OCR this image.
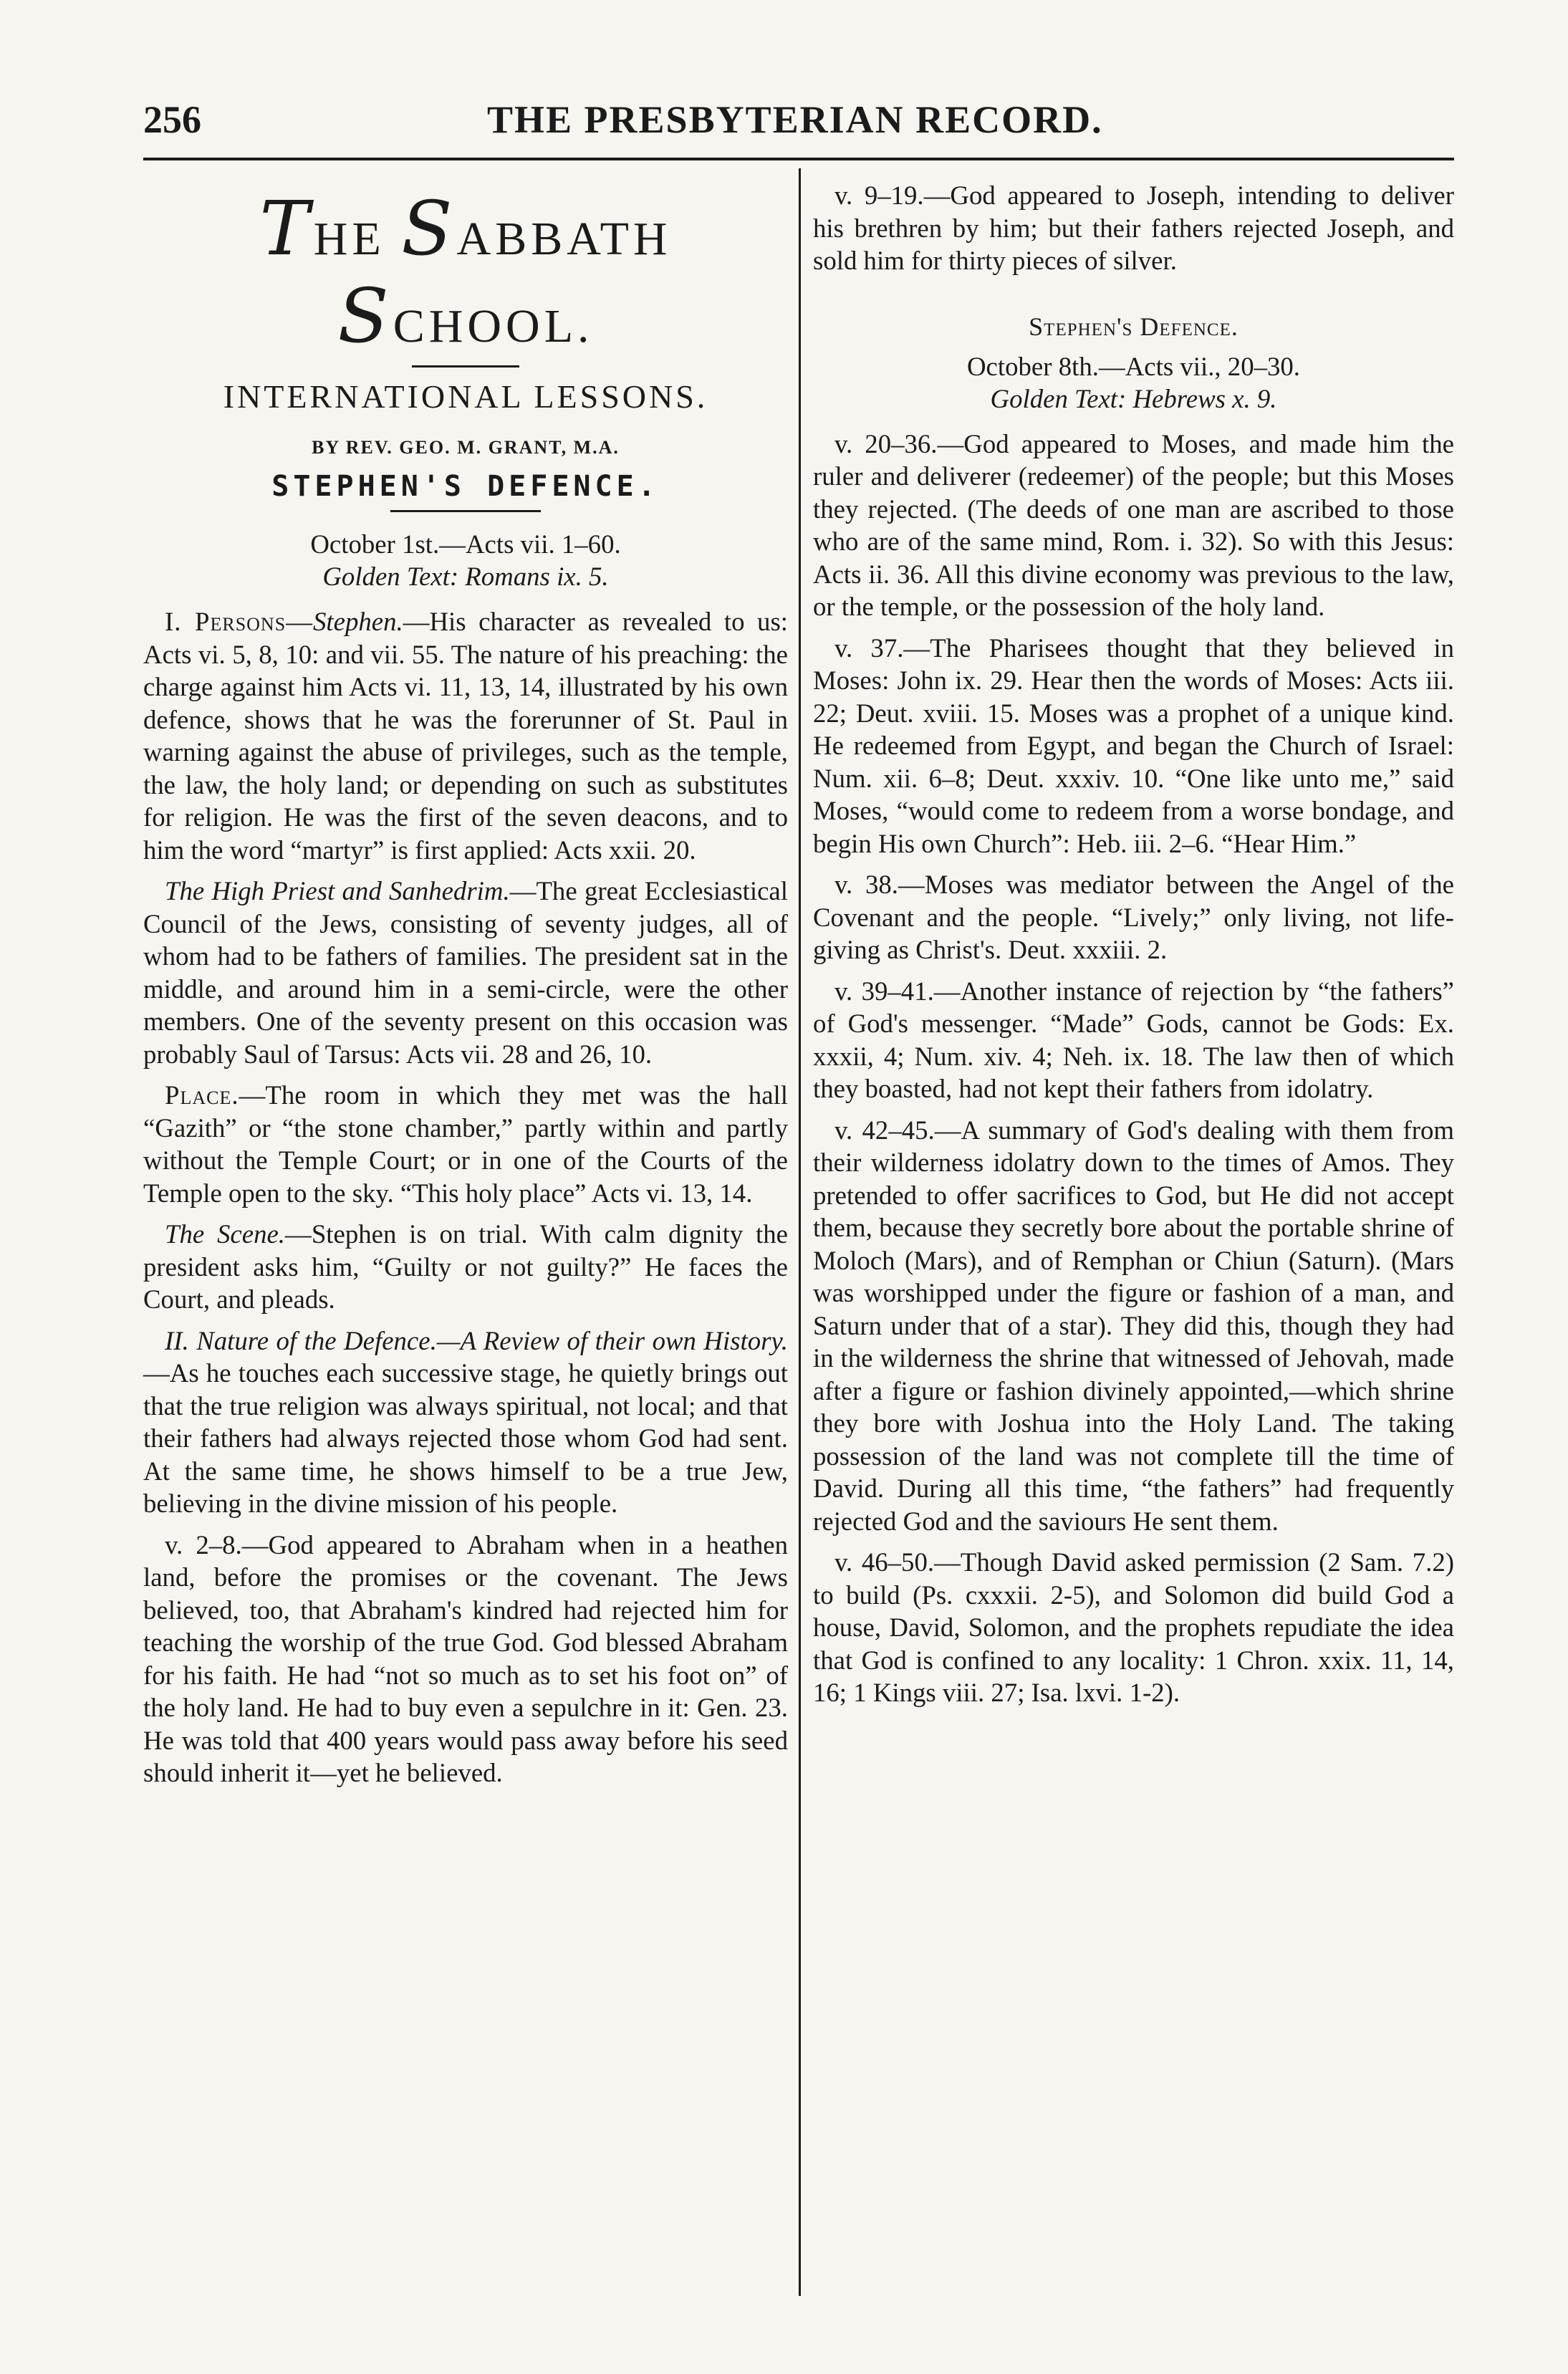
256	THE PRESBYTERIAN RECORD.
THE SABBATH SCHOOL.
INTERNATIONAL LESSONS.
BY REV. GEO. M. GRANT, M.A.
STEPHEN'S DEFENCE.

October 1st.—Acts vii. 1–60.

Golden Text: Romans ix. 5.

I. Persons—Stephen.—His character as revealed to us: Acts vi. 5, 8, 10: and vii. 55. The nature of his preaching: the charge against him Acts vi. 11, 13, 14, illustrated by his own defence, shows that he was the forerunner of St. Paul in warning against the abuse of privileges, such as the temple, the law, the holy land; or depending on such as substitutes for religion. He was the first of the seven deacons, and to him the word “martyr” is first applied: Acts xxii. 20.

The High Priest and Sanhedrim.—The great Ecclesiastical Council of the Jews, consisting of seventy judges, all of whom had to be fathers of families. The president sat in the middle, and around him in a semi-circle, were the other members. One of the seventy present on this occasion was probably Saul of Tarsus: Acts vii. 28 and 26, 10.

Place.—The room in which they met was the hall “Gazith” or “the stone chamber,” partly within and partly without the Temple Court; or in one of the Courts of the Temple open to the sky. “This holy place” Acts vi. 13, 14.

The Scene.—Stephen is on trial. With calm dignity the president asks him, “Guilty or not guilty?” He faces the Court, and pleads.

II. Nature of the Defence.—A Review of their own History.—As he touches each successive stage, he quietly brings out that the true religion was always spiritual, not local; and that their fathers had always rejected those whom God had sent. At the same time, he shows himself to be a true Jew, believing in the divine mission of his people.

v. 2–8.—God appeared to Abraham when in a heathen land, before the promises or the covenant. The Jews believed, too, that Abraham's kindred had rejected him for teaching the worship of the true God. God blessed Abraham for his faith. He had “not so much as to set his foot on” of the holy land. He had to buy even a sepulchre in it: Gen. 23. He was told that 400 years would pass away before his seed should inherit it—yet he believed.

v. 9–19.—God appeared to Joseph, intending to deliver his brethren by him; but their fathers rejected Joseph, and sold him for thirty pieces of silver.

Stephen's Defence.

October 8th.—Acts vii., 20–30.

Golden Text: Hebrews x. 9.

v. 20–36.—God appeared to Moses, and made him the ruler and deliverer (redeemer) of the people; but this Moses they rejected. (The deeds of one man are ascribed to those who are of the same mind, Rom. i. 32). So with this Jesus: Acts ii. 36. All this divine economy was previous to the law, or the temple, or the possession of the holy land.

v. 37.—The Pharisees thought that they believed in Moses: John ix. 29. Hear then the words of Moses: Acts iii. 22; Deut. xviii. 15. Moses was a prophet of a unique kind. He redeemed from Egypt, and began the Church of Israel: Num. xii. 6–8; Deut. xxxiv. 10. “One like unto me,” said Moses, “would come to redeem from a worse bondage, and begin His own Church”: Heb. iii. 2–6. “Hear Him.”

v. 38.—Moses was mediator between the Angel of the Covenant and the people. “Lively;” only living, not life-giving as Christ's. Deut. xxxiii. 2.

v. 39–41.—Another instance of rejection by “the fathers” of God's messenger. “Made” Gods, cannot be Gods: Ex. xxxii, 4; Num. xiv. 4; Neh. ix. 18. The law then of which they boasted, had not kept their fathers from idolatry.

v. 42–45.—A summary of God's dealing with them from their wilderness idolatry down to the times of Amos. They pretended to offer sacrifices to God, but He did not accept them, because they secretly bore about the portable shrine of Moloch (Mars), and of Remphan or Chiun (Saturn). (Mars was worshipped under the figure or fashion of a man, and Saturn under that of a star). They did this, though they had in the wilderness the shrine that witnessed of Jehovah, made after a figure or fashion divinely appointed,—which shrine they bore with Joshua into the Holy Land. The taking possession of the land was not complete till the time of David. During all this time, “the fathers” had frequently rejected God and the saviours He sent them.

v. 46–50.—Though David asked permission (2 Sam. 7.2) to build (Ps. cxxxii. 2-5), and Solomon did build God a house, David, Solomon, and the prophets repudiate the idea that God is confined to any locality: 1 Chron. xxix. 11, 14, 16; 1 Kings viii. 27; Isa. lxvi. 1-2).
